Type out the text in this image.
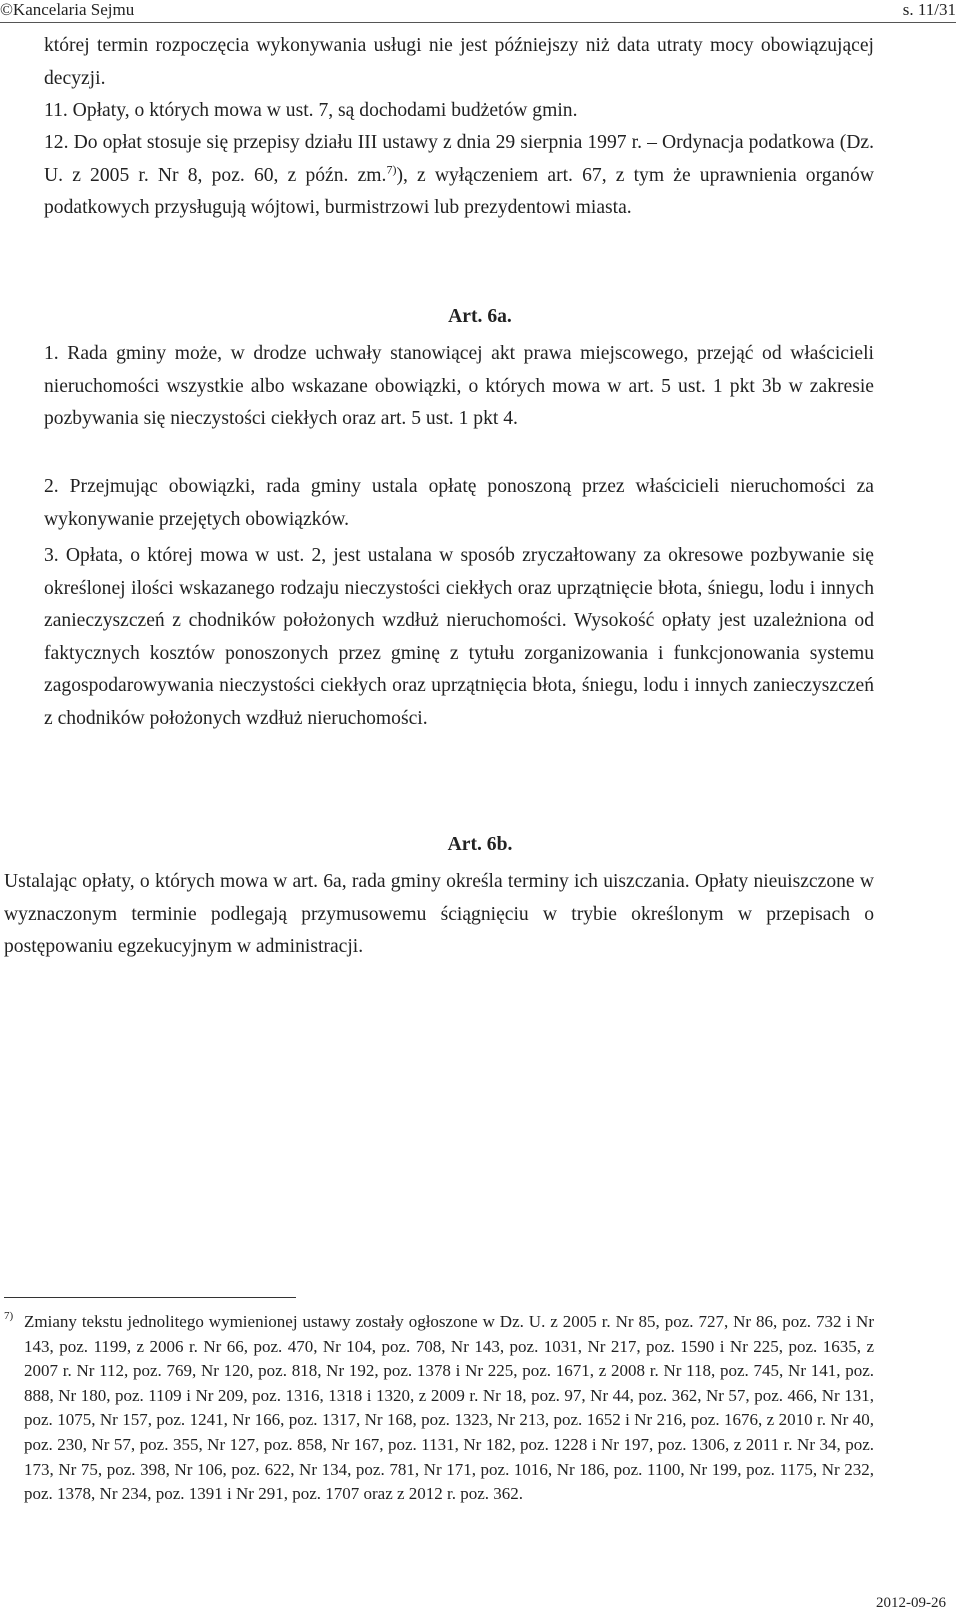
©Kancelaria Sejmu	s. 11/31

której termin rozpoczęcia wykonywania usługi nie jest późniejszy niż data utraty mocy obowiązującej decyzji.

11. Opłaty, o których mowa w ust. 7, są dochodami budżetów gmin.

12. Do opłat stosuje się przepisy działu III ustawy z dnia 29 sierpnia 1997 r. – Ordynacja podatkowa (Dz. U. z 2005 r. Nr 8, poz. 60, z późn. zm.$^{7)}$), z wyłączeniem art. 67, z tym że uprawnienia organów podatkowych przysługują wójtowi, burmistrzowi lub prezydentowi miasta.

Art. 6a.

1. Rada gminy może, w drodze uchwały stanowiącej akt prawa miejscowego, przejąć od właścicieli nieruchomości wszystkie albo wskazane obowiązki, o których mowa w art. 5 ust. 1 pkt 3b w zakresie pozbywania się nieczystości ciekłych oraz art. 5 ust. 1 pkt 4.

2. Przejmując obowiązki, rada gminy ustala opłatę ponoszoną przez właścicieli nieruchomości za wykonywanie przejętych obowiązków.

3. Opłata, o której mowa w ust. 2, jest ustalana w sposób zryczałtowany za okresowe pozbywanie się określonej ilości wskazanego rodzaju nieczystości ciekłych oraz uprzątnięcie błota, śniegu, lodu i innych zanieczyszczeń z chodników położonych wzdłuż nieruchomości. Wysokość opłaty jest uzależniona od faktycznych kosztów ponoszonych przez gminę z tytułu zorganizowania i funkcjonowania systemu zagospodarowywania nieczystości ciekłych oraz uprzątnięcia błota, śniegu, lodu i innych zanieczyszczeń z chodników położonych wzdłuż nieruchomości.

Art. 6b.

Ustalając opłaty, o których mowa w art. 6a, rada gminy określa terminy ich uiszczania. Opłaty nieuiszczone w wyznaczonym terminie podlegają przymusowemu ściągnięciu w trybie określonym w przepisach o postępowaniu egzekucyjnym w administracji.

7) Zmiany tekstu jednolitego wymienionej ustawy zostały ogłoszone w Dz. U. z 2005 r. Nr 85, poz. 727, Nr 86, poz. 732 i Nr 143, poz. 1199, z 2006 r. Nr 66, poz. 470, Nr 104, poz. 708, Nr 143, poz. 1031, Nr 217, poz. 1590 i Nr 225, poz. 1635, z 2007 r. Nr 112, poz. 769, Nr 120, poz. 818, Nr 192, poz. 1378 i Nr 225, poz. 1671, z 2008 r. Nr 118, poz. 745, Nr 141, poz. 888, Nr 180, poz. 1109 i Nr 209, poz. 1316, 1318 i 1320, z 2009 r. Nr 18, poz. 97, Nr 44, poz. 362, Nr 57, poz. 466, Nr 131, poz. 1075, Nr 157, poz. 1241, Nr 166, poz. 1317, Nr 168, poz. 1323, Nr 213, poz. 1652 i Nr 216, poz. 1676, z 2010 r. Nr 40, poz. 230, Nr 57, poz. 355, Nr 127, poz. 858, Nr 167, poz. 1131, Nr 182, poz. 1228 i Nr 197, poz. 1306, z 2011 r. Nr 34, poz. 173, Nr 75, poz. 398, Nr 106, poz. 622, Nr 134, poz. 781, Nr 171, poz. 1016, Nr 186, poz. 1100, Nr 199, poz. 1175, Nr 232, poz. 1378, Nr 234, poz. 1391 i Nr 291, poz. 1707 oraz z 2012 r. poz. 362.
2012-09-26
